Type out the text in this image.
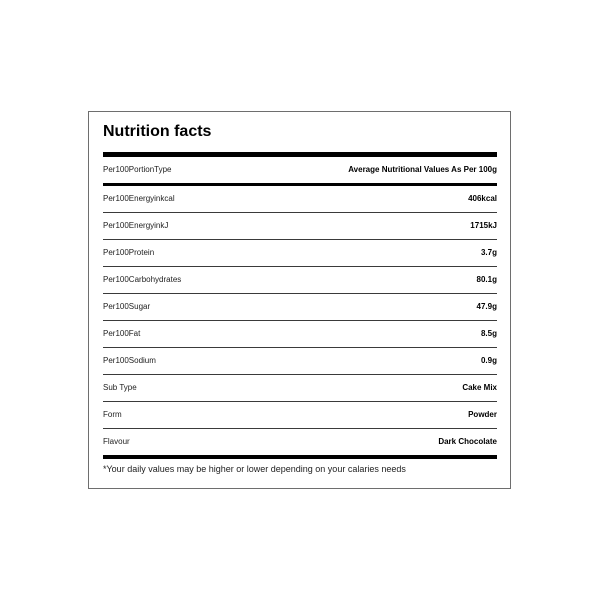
Nutrition facts
Per100PortionType	Average Nutritional Values As Per 100g
Per100Energyinkcal	406kcal
Per100EnergyinkJ	1715kJ
Per100Protein	3.7g
Per100Carbohydrates	80.1g
Per100Sugar	47.9g
Per100Fat	8.5g
Per100Sodium	0.9g
Sub Type	Cake Mix
Form	Powder
Flavour	Dark Chocolate
*Your daily values may be higher or lower depending on your calaries needs
